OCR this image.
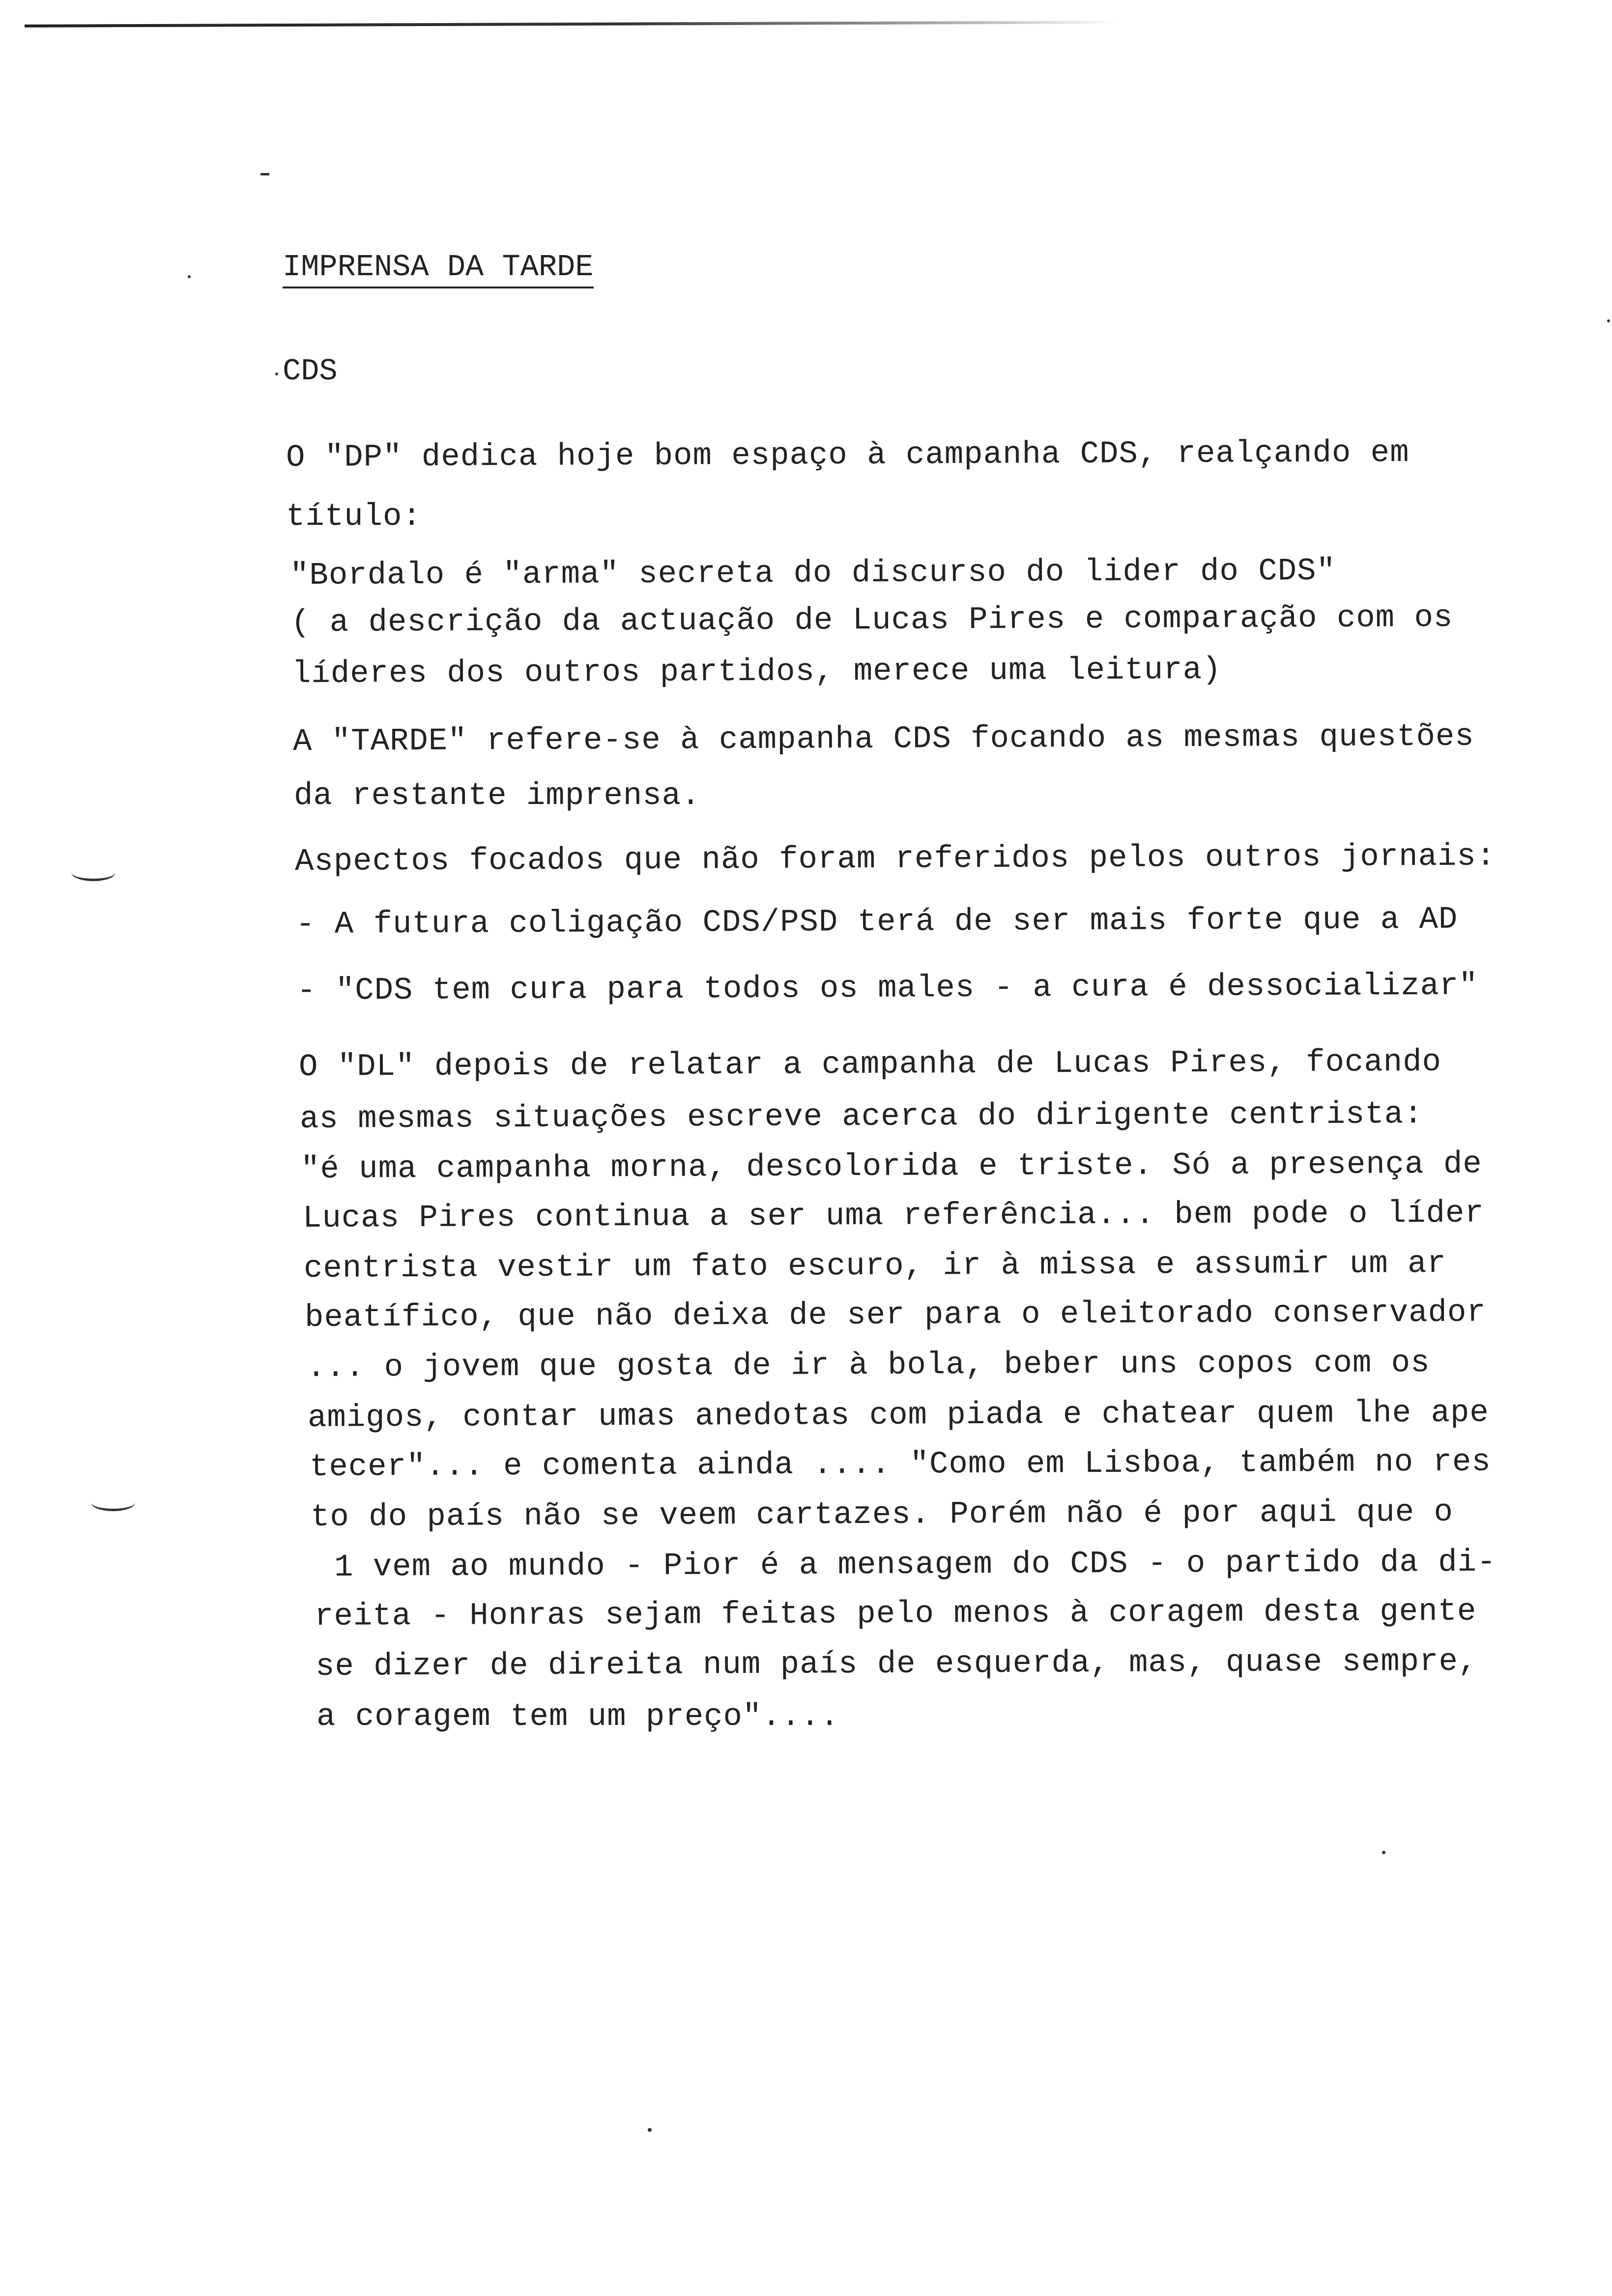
IMPRENSA DA TARDE
CDS
O "DP" dedica hoje bom espaço à campanha CDS, realçando em
título:
"Bordalo é "arma" secreta do discurso do lider do CDS"
( a descrição da actuação de Lucas Pires e comparação com os
líderes dos outros partidos, merece uma leitura)
A "TARDE" refere-se à campanha CDS focando as mesmas questões
da restante imprensa.
Aspectos focados que não foram referidos pelos outros jornais:
- A futura coligação CDS/PSD terá de ser mais forte que a AD
- "CDS tem cura para todos os males - a cura é dessocializar"
O "DL" depois de relatar a campanha de Lucas Pires, focando
as mesmas situações escreve acerca do dirigente centrista:
"é uma campanha morna, descolorida e triste. Só a presença de
Lucas Pires continua a ser uma referência... bem pode o líder
centrista vestir um fato escuro, ir à missa e assumir um ar
beatífico, que não deixa de ser para o eleitorado conservador
... o jovem que gosta de ir à bola, beber uns copos com os
amigos, contar umas anedotas com piada e chatear quem lhe ape
tecer"... e comenta ainda .... "Como em Lisboa, também no res
to do país não se veem cartazes. Porém não é por aqui que o
1 vem ao mundo - Pior é a mensagem do CDS - o partido da di-
reita - Honras sejam feitas pelo menos à coragem desta gente
se dizer de direita num país de esquerda, mas, quase sempre,
a coragem tem um preço"....
